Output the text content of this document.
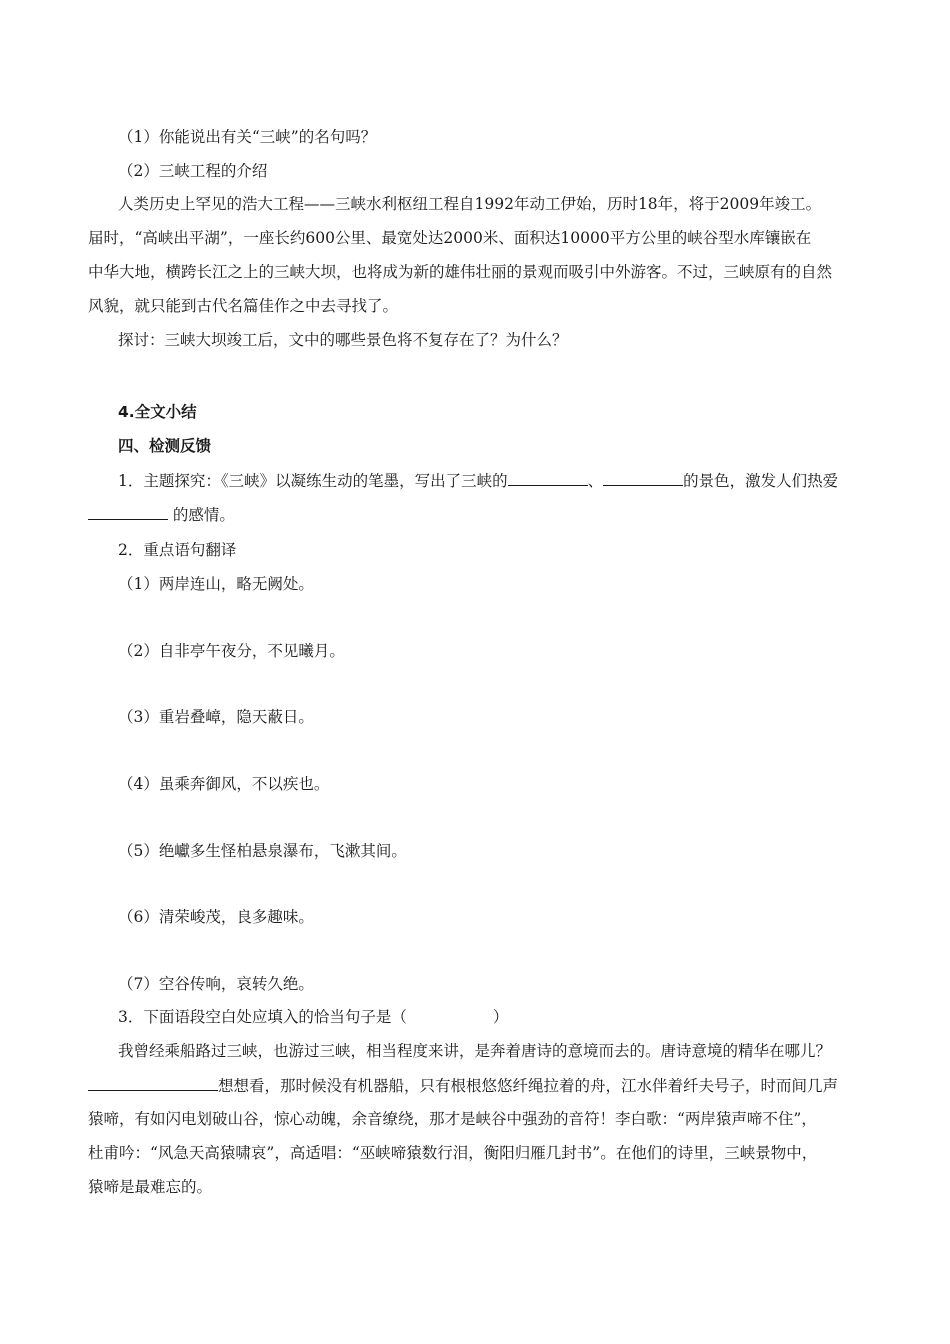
（1）你能说出有关“三峡”的名句吗？
（2）三峡工程的介绍
人类历史上罕见的浩大工程——三峡水利枢纽工程自1992年动工伊始，历时18年，将于2009年竣工。
届时，“高峡出平湖”，一座长约600公里、最宽处达2000米、面积达10000平方公里的峡谷型水库镶嵌在
中华大地，横跨长江之上的三峡大坝，也将成为新的雄伟壮丽的景观而吸引中外游客。不过，三峡原有的自然
风貌，就只能到古代名篇佳作之中去寻找了。
探讨：三峡大坝竣工后，文中的哪些景色将不复存在了？为什么？
4.全文小结
四、检测反馈
1．主题探究：《三峡》以凝练生动的笔墨，写出了三峡的	、	的景色，激发人们热爱
的感情。
2．重点语句翻译
（1）两岸连山，略无阙处。
（2）自非亭午夜分，不见曦月。
（3）重岩叠嶂，隐天蔽日。
（4）虽乘奔御风，不以疾也。
（5）绝巘多生怪柏悬泉瀑布，飞漱其间。
（6）清荣峻茂，良多趣味。
（7）空谷传响，哀转久绝。
3．下面语段空白处应填入的恰当句子是（	）
我曾经乘船路过三峡，也游过三峡，相当程度来讲，是奔着唐诗的意境而去的。唐诗意境的精华在哪儿？
想想看，那时候没有机器船，只有根根悠悠纤绳拉着的舟，江水伴着纤夫号子，时而间几声
猿啼，有如闪电划破山谷，惊心动魄，余音缭绕，那才是峡谷中强劲的音符！李白歌：“两岸猿声啼不住”，
杜甫吟：“风急天高猿啸哀”，高适唱：“巫峡啼猿数行泪，衡阳归雁几封书”。在他们的诗里，三峡景物中，
猿啼是最难忘的。
